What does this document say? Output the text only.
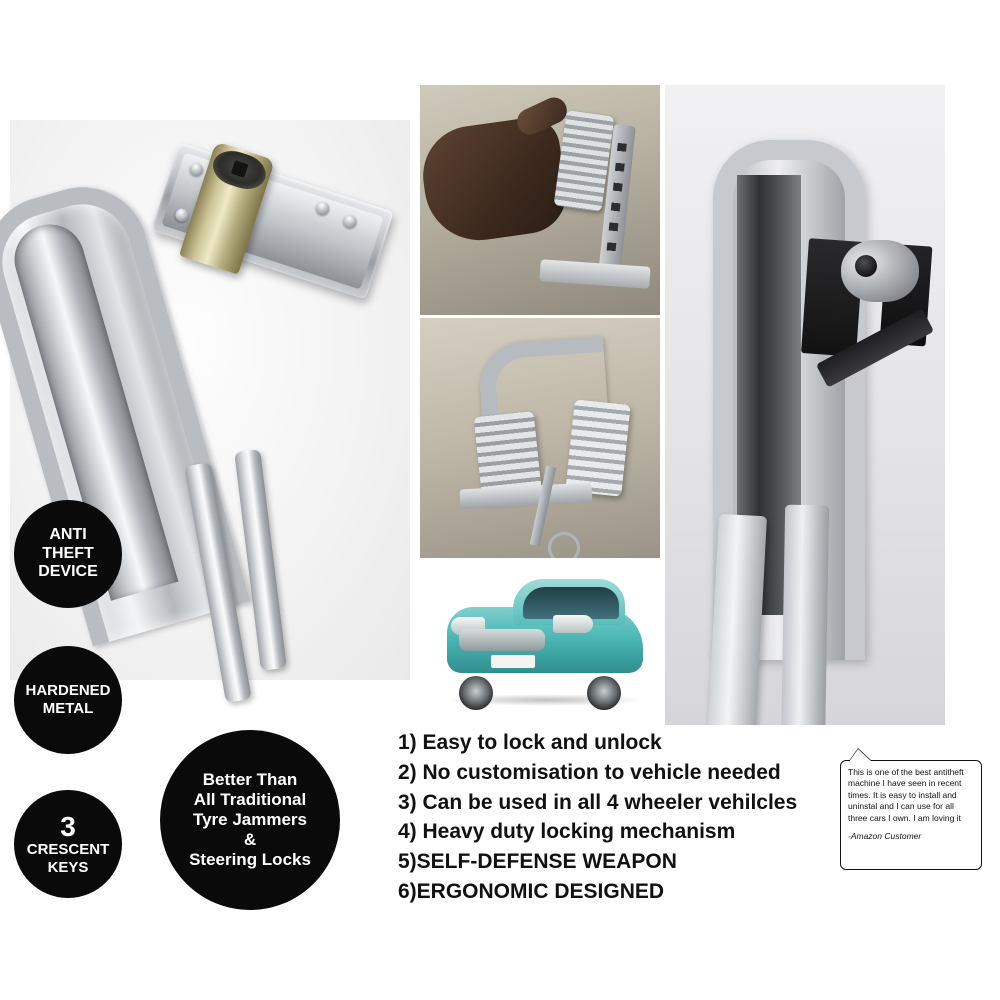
ANTI
THEFT
DEVICE
HARDENED
METAL
3
CRESCENT
KEYS
Better Than
All Traditional
Tyre Jammers
&
Steering Locks
1) Easy to lock and unlock
2) No customisation to vehicle needed
3) Can be used in all 4 wheeler vehilcles
4) Heavy duty locking mechanism
5)SELF-DEFENSE WEAPON
6)ERGONOMIC DESIGNED
This is one of the best antitheft machine I have seen in recent times. It is easy to install and uninstal and I can use for all three cars I own. I am loving it
-Amazon Customer
